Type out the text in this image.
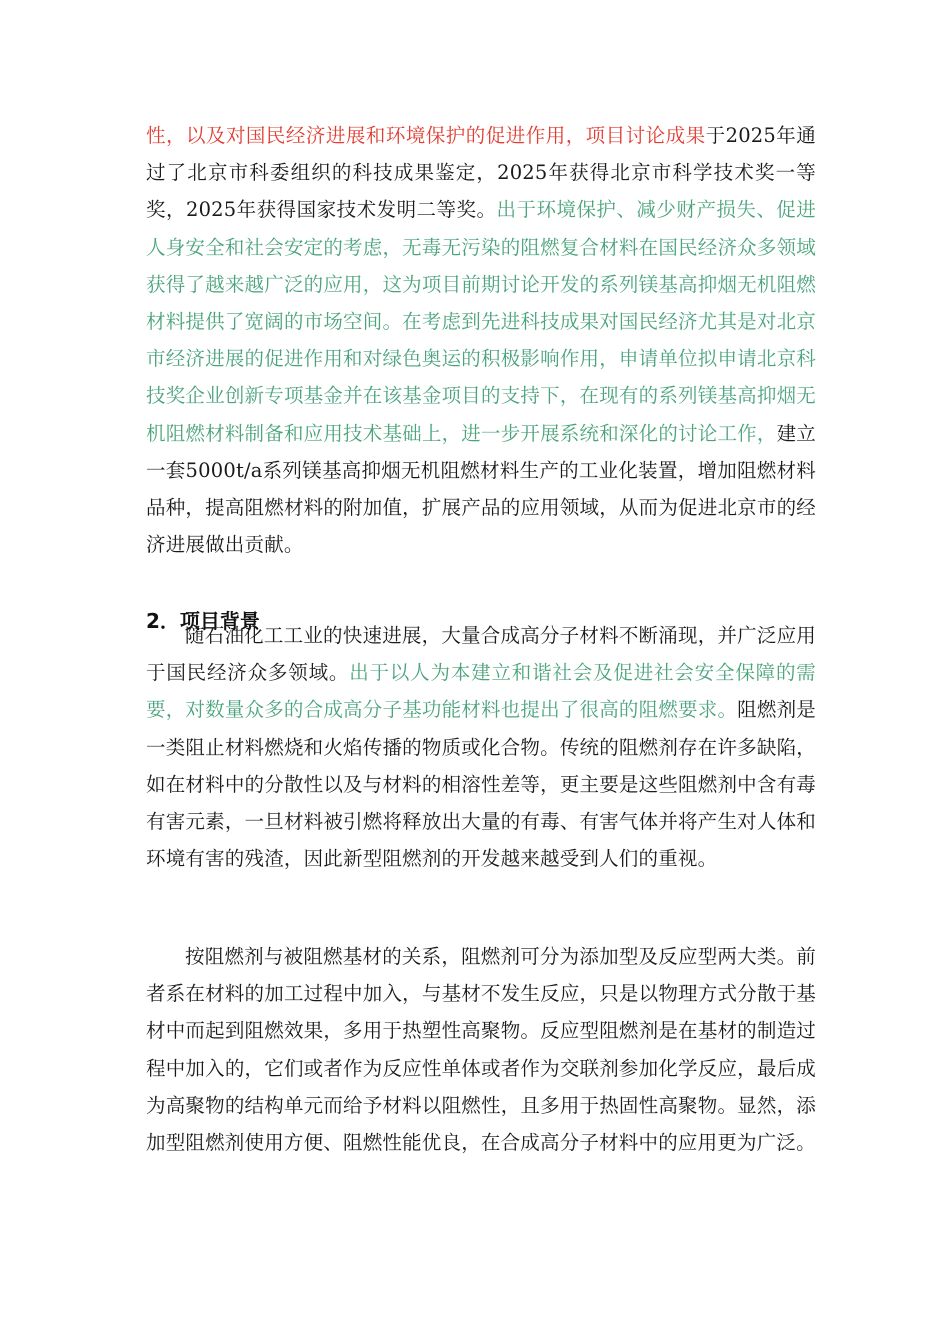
性，以及对国民经济进展和环境保护的促进作用，项目讨论成果于2025年通过了北京市科委组织的科技成果鉴定，2025年获得北京市科学技术奖一等奖，2025年获得国家技术发明二等奖。出于环境保护、减少财产损失、促进人身安全和社会安定的考虑，无毒无污染的阻燃复合材料在国民经济众多领域获得了越来越广泛的应用，这为项目前期讨论开发的系列镁基高抑烟无机阻燃材料提供了宽阔的市场空间。在考虑到先进科技成果对国民经济尤其是对北京市经济进展的促进作用和对绿色奥运的积极影响作用，申请单位拟申请北京科技奖企业创新专项基金并在该基金项目的支持下，在现有的系列镁基高抑烟无机阻燃材料制备和应用技术基础上，进一步开展系统和深化的讨论工作，建立一套5000t/a系列镁基高抑烟无机阻燃材料生产的工业化装置，增加阻燃材料品种，提高阻燃材料的附加值，扩展产品的应用领域，从而为促进北京市的经济进展做出贡献。

2．项目背景

随石油化工工业的快速进展，大量合成高分子材料不断涌现，并广泛应用于国民经济众多领域。出于以人为本建立和谐社会及促进社会安全保障的需要，对数量众多的合成高分子基功能材料也提出了很高的阻燃要求。阻燃剂是一类阻止材料燃烧和火焰传播的物质或化合物。传统的阻燃剂存在许多缺陷，如在材料中的分散性以及与材料的相溶性差等，更主要是这些阻燃剂中含有毒有害元素，一旦材料被引燃将释放出大量的有毒、有害气体并将产生对人体和环境有害的残渣，因此新型阻燃剂的开发越来越受到人们的重视。

按阻燃剂与被阻燃基材的关系，阻燃剂可分为添加型及反应型两大类。前者系在材料的加工过程中加入，与基材不发生反应，只是以物理方式分散于基材中而起到阻燃效果，多用于热塑性高聚物。反应型阻燃剂是在基材的制造过程中加入的，它们或者作为反应性单体或者作为交联剂参加化学反应，最后成为高聚物的结构单元而给予材料以阻燃性，且多用于热固性高聚物。显然，添加型阻燃剂使用方便、阻燃性能优良，在合成高分子材料中的应用更为广泛。
